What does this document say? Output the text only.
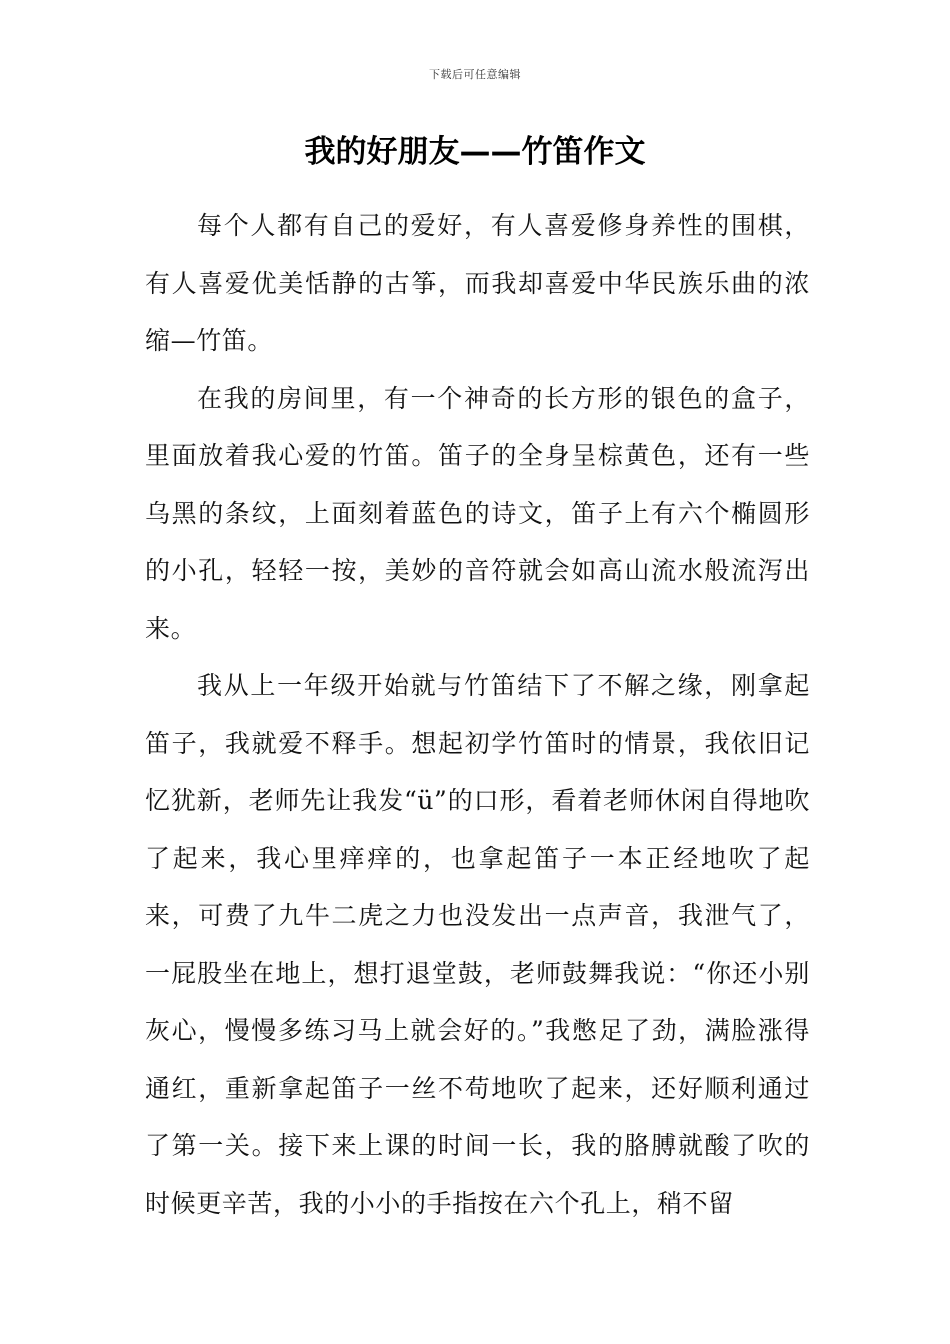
下载后可任意编辑
我的好朋友——竹笛作文

每个人都有自己的爱好，有人喜爱修身养性的围棋，有人喜爱优美恬静的古筝，而我却喜爱中华民族乐曲的浓缩—竹笛。

在我的房间里，有一个神奇的长方形的银色的盒子，里面放着我心爱的竹笛。笛子的全身呈棕黄色，还有一些乌黑的条纹，上面刻着蓝色的诗文，笛子上有六个椭圆形的小孔，轻轻一按，美妙的音符就会如高山流水般流泻出来。

我从上一年级开始就与竹笛结下了不解之缘，刚拿起笛子，我就爱不释手。想起初学竹笛时的情景，我依旧记忆犹新，老师先让我发“ü”的口形，看着老师休闲自得地吹了起来，我心里痒痒的，也拿起笛子一本正经地吹了起来，可费了九牛二虎之力也没发出一点声音，我泄气了，一屁股坐在地上，想打退堂鼓，老师鼓舞我说：“你还小别灰心，慢慢多练习马上就会好的。”我憋足了劲，满脸涨得通红，重新拿起笛子一丝不苟地吹了起来，还好顺利通过了第一关。接下来上课的时间一长，我的胳膊就酸了吹的时候更辛苦，我的小小的手指按在六个孔上，稍不留
